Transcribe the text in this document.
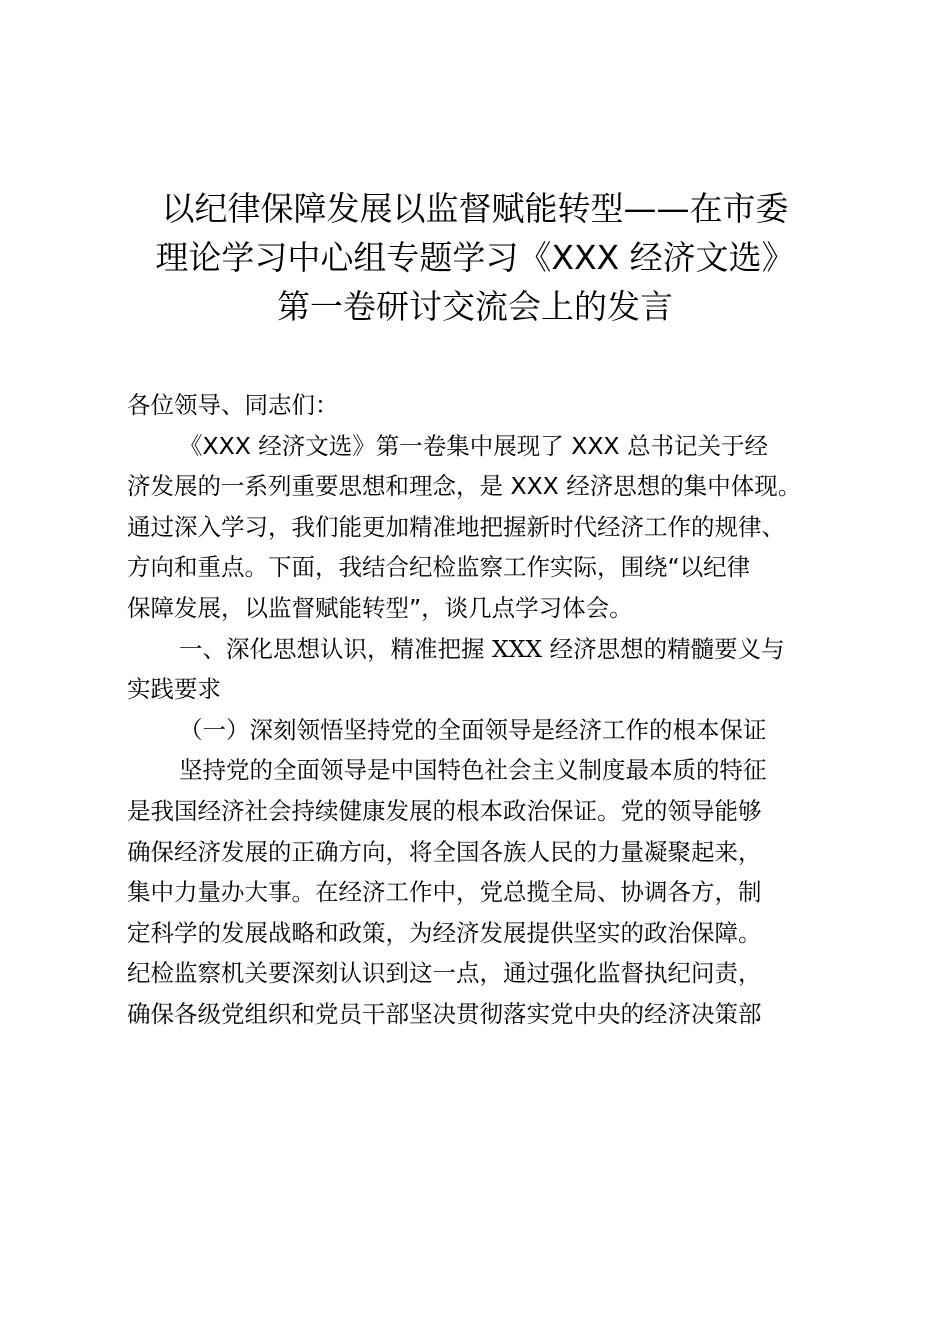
以纪律保障发展以监督赋能转型——在市委
理论学习中心组专题学习《XXX 经济文选》
第一卷研讨交流会上的发言
各位领导、同志们：
《XXX 经济文选》第一卷集中展现了 XXX 总书记关于经
济发展的一系列重要思想和理念，是 XXX 经济思想的集中体现。
通过深入学习，我们能更加精准地把握新时代经济工作的规律、
方向和重点。下面，我结合纪检监察工作实际，围绕“以纪律
保障发展，以监督赋能转型”，谈几点学习体会。
一、深化思想认识，精准把握 XXX 经济思想的精髓要义与
实践要求
（一）深刻领悟坚持党的全面领导是经济工作的根本保证
坚持党的全面领导是中国特色社会主义制度最本质的特征
是我国经济社会持续健康发展的根本政治保证。党的领导能够
确保经济发展的正确方向，将全国各族人民的力量凝聚起来，
集中力量办大事。在经济工作中，党总揽全局、协调各方，制
定科学的发展战略和政策，为经济发展提供坚实的政治保障。
纪检监察机关要深刻认识到这一点，通过强化监督执纪问责，
确保各级党组织和党员干部坚决贯彻落实党中央的经济决策部
